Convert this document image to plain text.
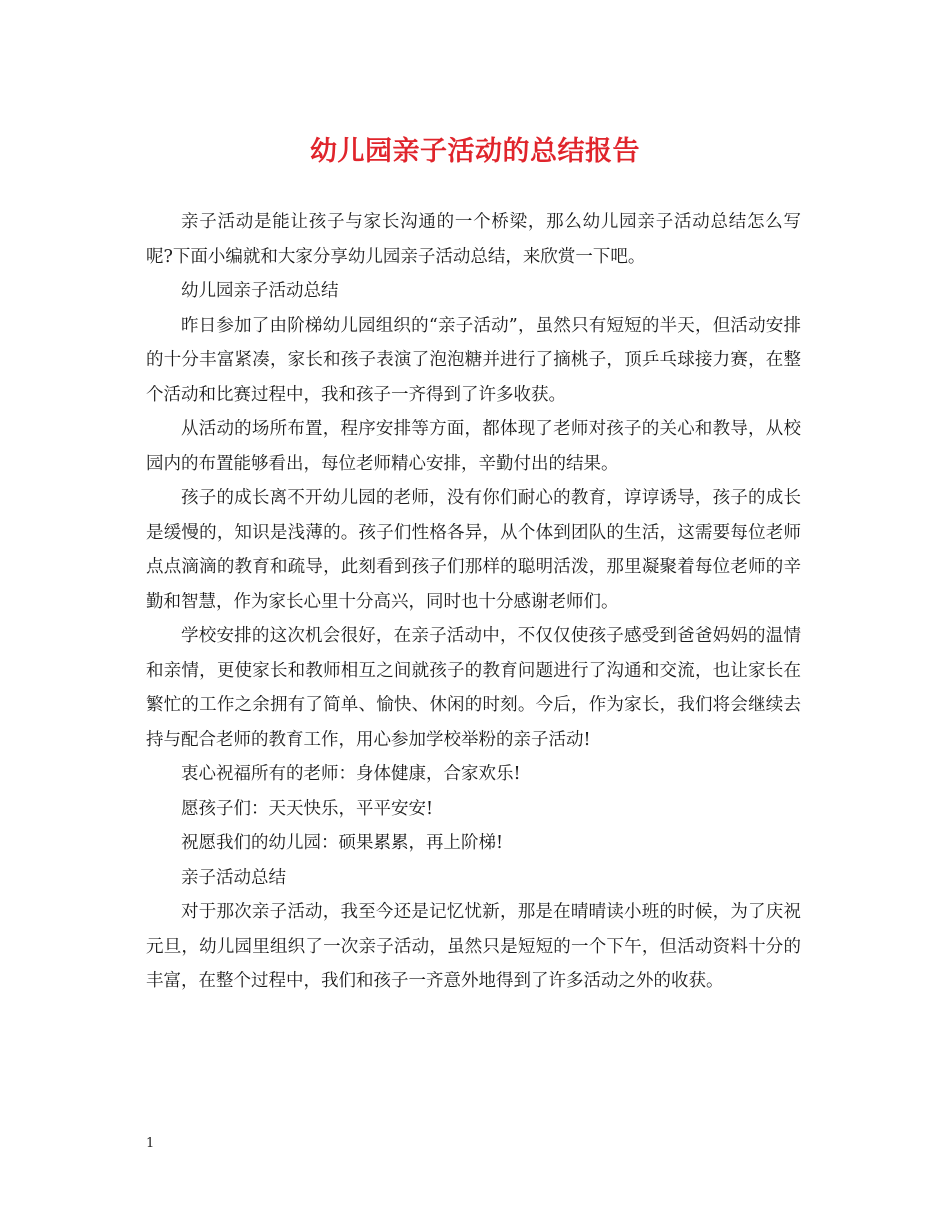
幼儿园亲子活动的总结报告

亲子活动是能让孩子与家长沟通的一个桥梁，那么幼儿园亲子活动总结怎么写呢?下面小编就和大家分享幼儿园亲子活动总结，来欣赏一下吧。

幼儿园亲子活动总结

昨日参加了由阶梯幼儿园组织的“亲子活动”，虽然只有短短的半天，但活动安排的十分丰富紧凑，家长和孩子表演了泡泡糖并进行了摘桃子，顶乒乓球接力赛，在整个活动和比赛过程中，我和孩子一齐得到了许多收获。

从活动的场所布置，程序安排等方面，都体现了老师对孩子的关心和教导，从校园内的布置能够看出，每位老师精心安排，辛勤付出的结果。

孩子的成长离不开幼儿园的老师，没有你们耐心的教育，谆谆诱导，孩子的成长是缓慢的，知识是浅薄的。孩子们性格各异，从个体到团队的生活，这需要每位老师点点滴滴的教育和疏导，此刻看到孩子们那样的聪明活泼，那里凝聚着每位老师的辛勤和智慧，作为家长心里十分高兴，同时也十分感谢老师们。

学校安排的这次机会很好，在亲子活动中，不仅仅使孩子感受到爸爸妈妈的温情和亲情，更使家长和教师相互之间就孩子的教育问题进行了沟通和交流，也让家长在繁忙的工作之余拥有了简单、愉快、休闲的时刻。今后，作为家长，我们将会继续去持与配合老师的教育工作，用心参加学校举粉的亲子活动!

衷心祝福所有的老师：身体健康，合家欢乐!

愿孩子们：天天快乐，平平安安!

祝愿我们的幼儿园：硕果累累，再上阶梯!

亲子活动总结

对于那次亲子活动，我至今还是记忆忧新，那是在晴晴读小班的时候，为了庆祝元旦，幼儿园里组织了一次亲子活动，虽然只是短短的一个下午，但活动资料十分的丰富，在整个过程中，我们和孩子一齐意外地得到了许多活动之外的收获。

1
